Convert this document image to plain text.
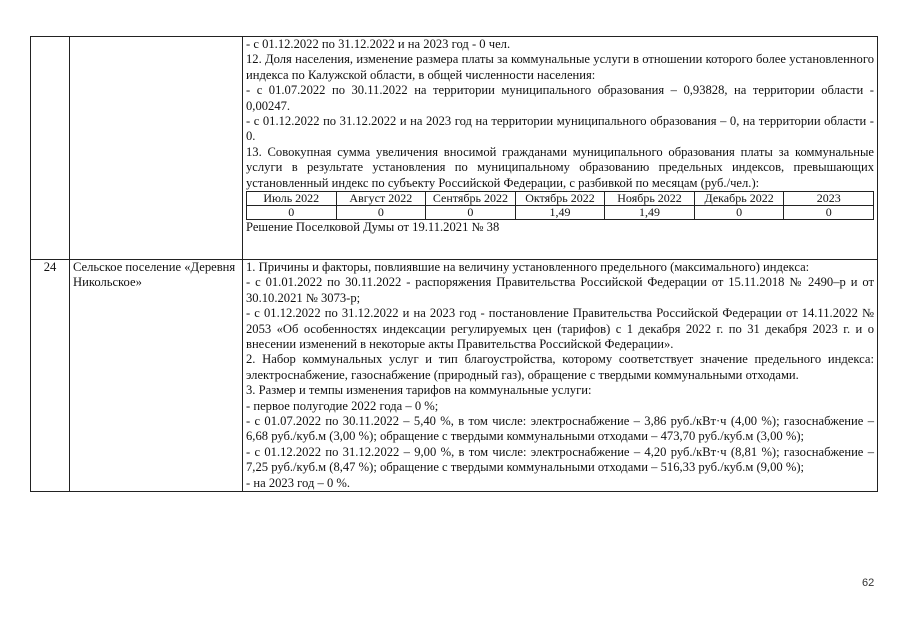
- с 01.12.2022 по 31.12.2022 и на 2023 год - 0 чел.

12. Доля населения, изменение размера платы за коммунальные услуги в отношении которого более установленного индекса по Калужской области, в общей численности населения:

- с 01.07.2022 по 30.11.2022 на территории муниципального образования – 0,93828, на территории области - 0,00247.

- с 01.12.2022 по 31.12.2022 и на 2023 год на территории муниципального образования – 0, на территории области - 0.

13. Совокупная сумма увеличения вносимой гражданами муниципального образования платы за коммунальные услуги в результате установления по муниципальному образованию предельных индексов, превышающих установленный индекс по субъекту Российской Федерации, с разбивкой по месяцам (руб./чел.):

Июль 2022	Август 2022	Сентябрь 2022	Октябрь 2022	Ноябрь 2022	Декабрь 2022	2023
0	0	0	1,49	1,49	0	0

Решение Поселковой Думы от 19.11.2021 № 38

24	Сельское поселение «Деревня Никольское»	

1. Причины и факторы, повлиявшие на величину установленного предельного (максимального) индекса:

- с 01.01.2022 по 30.11.2022 - распоряжения Правительства Российской Федерации от 15.11.2018 № 2490–р и от 30.10.2021 № 3073-р;

- с 01.12.2022 по 31.12.2022 и на 2023 год - постановление Правительства Российской Федерации от 14.11.2022 № 2053 «Об особенностях индексации регулируемых цен (тарифов) с 1 декабря 2022 г. по 31 декабря 2023 г. и о внесении изменений в некоторые акты Правительства Российской Федерации».

2. Набор коммунальных услуг и тип благоустройства, которому соответствует значение предельного индекса: электроснабжение, газоснабжение (природный газ), обращение с твердыми коммунальными отходами.

3. Размер и темпы изменения тарифов на коммунальные услуги:

- первое полугодие 2022 года – 0 %;

- с 01.07.2022 по 30.11.2022 – 5,40 %, в том числе: электроснабжение – 3,86 руб./кВт·ч (4,00 %); газоснабжение – 6,68 руб./куб.м (3,00 %); обращение с твердыми коммунальными отходами – 473,70 руб./куб.м (3,00 %);

- с 01.12.2022 по 31.12.2022 – 9,00 %, в том числе: электроснабжение – 4,20 руб./кВт·ч (8,81 %); газоснабжение – 7,25 руб./куб.м (8,47 %); обращение с твердыми коммунальными отходами – 516,33 руб./куб.м (9,00 %);

- на 2023 год – 0 %.

62
